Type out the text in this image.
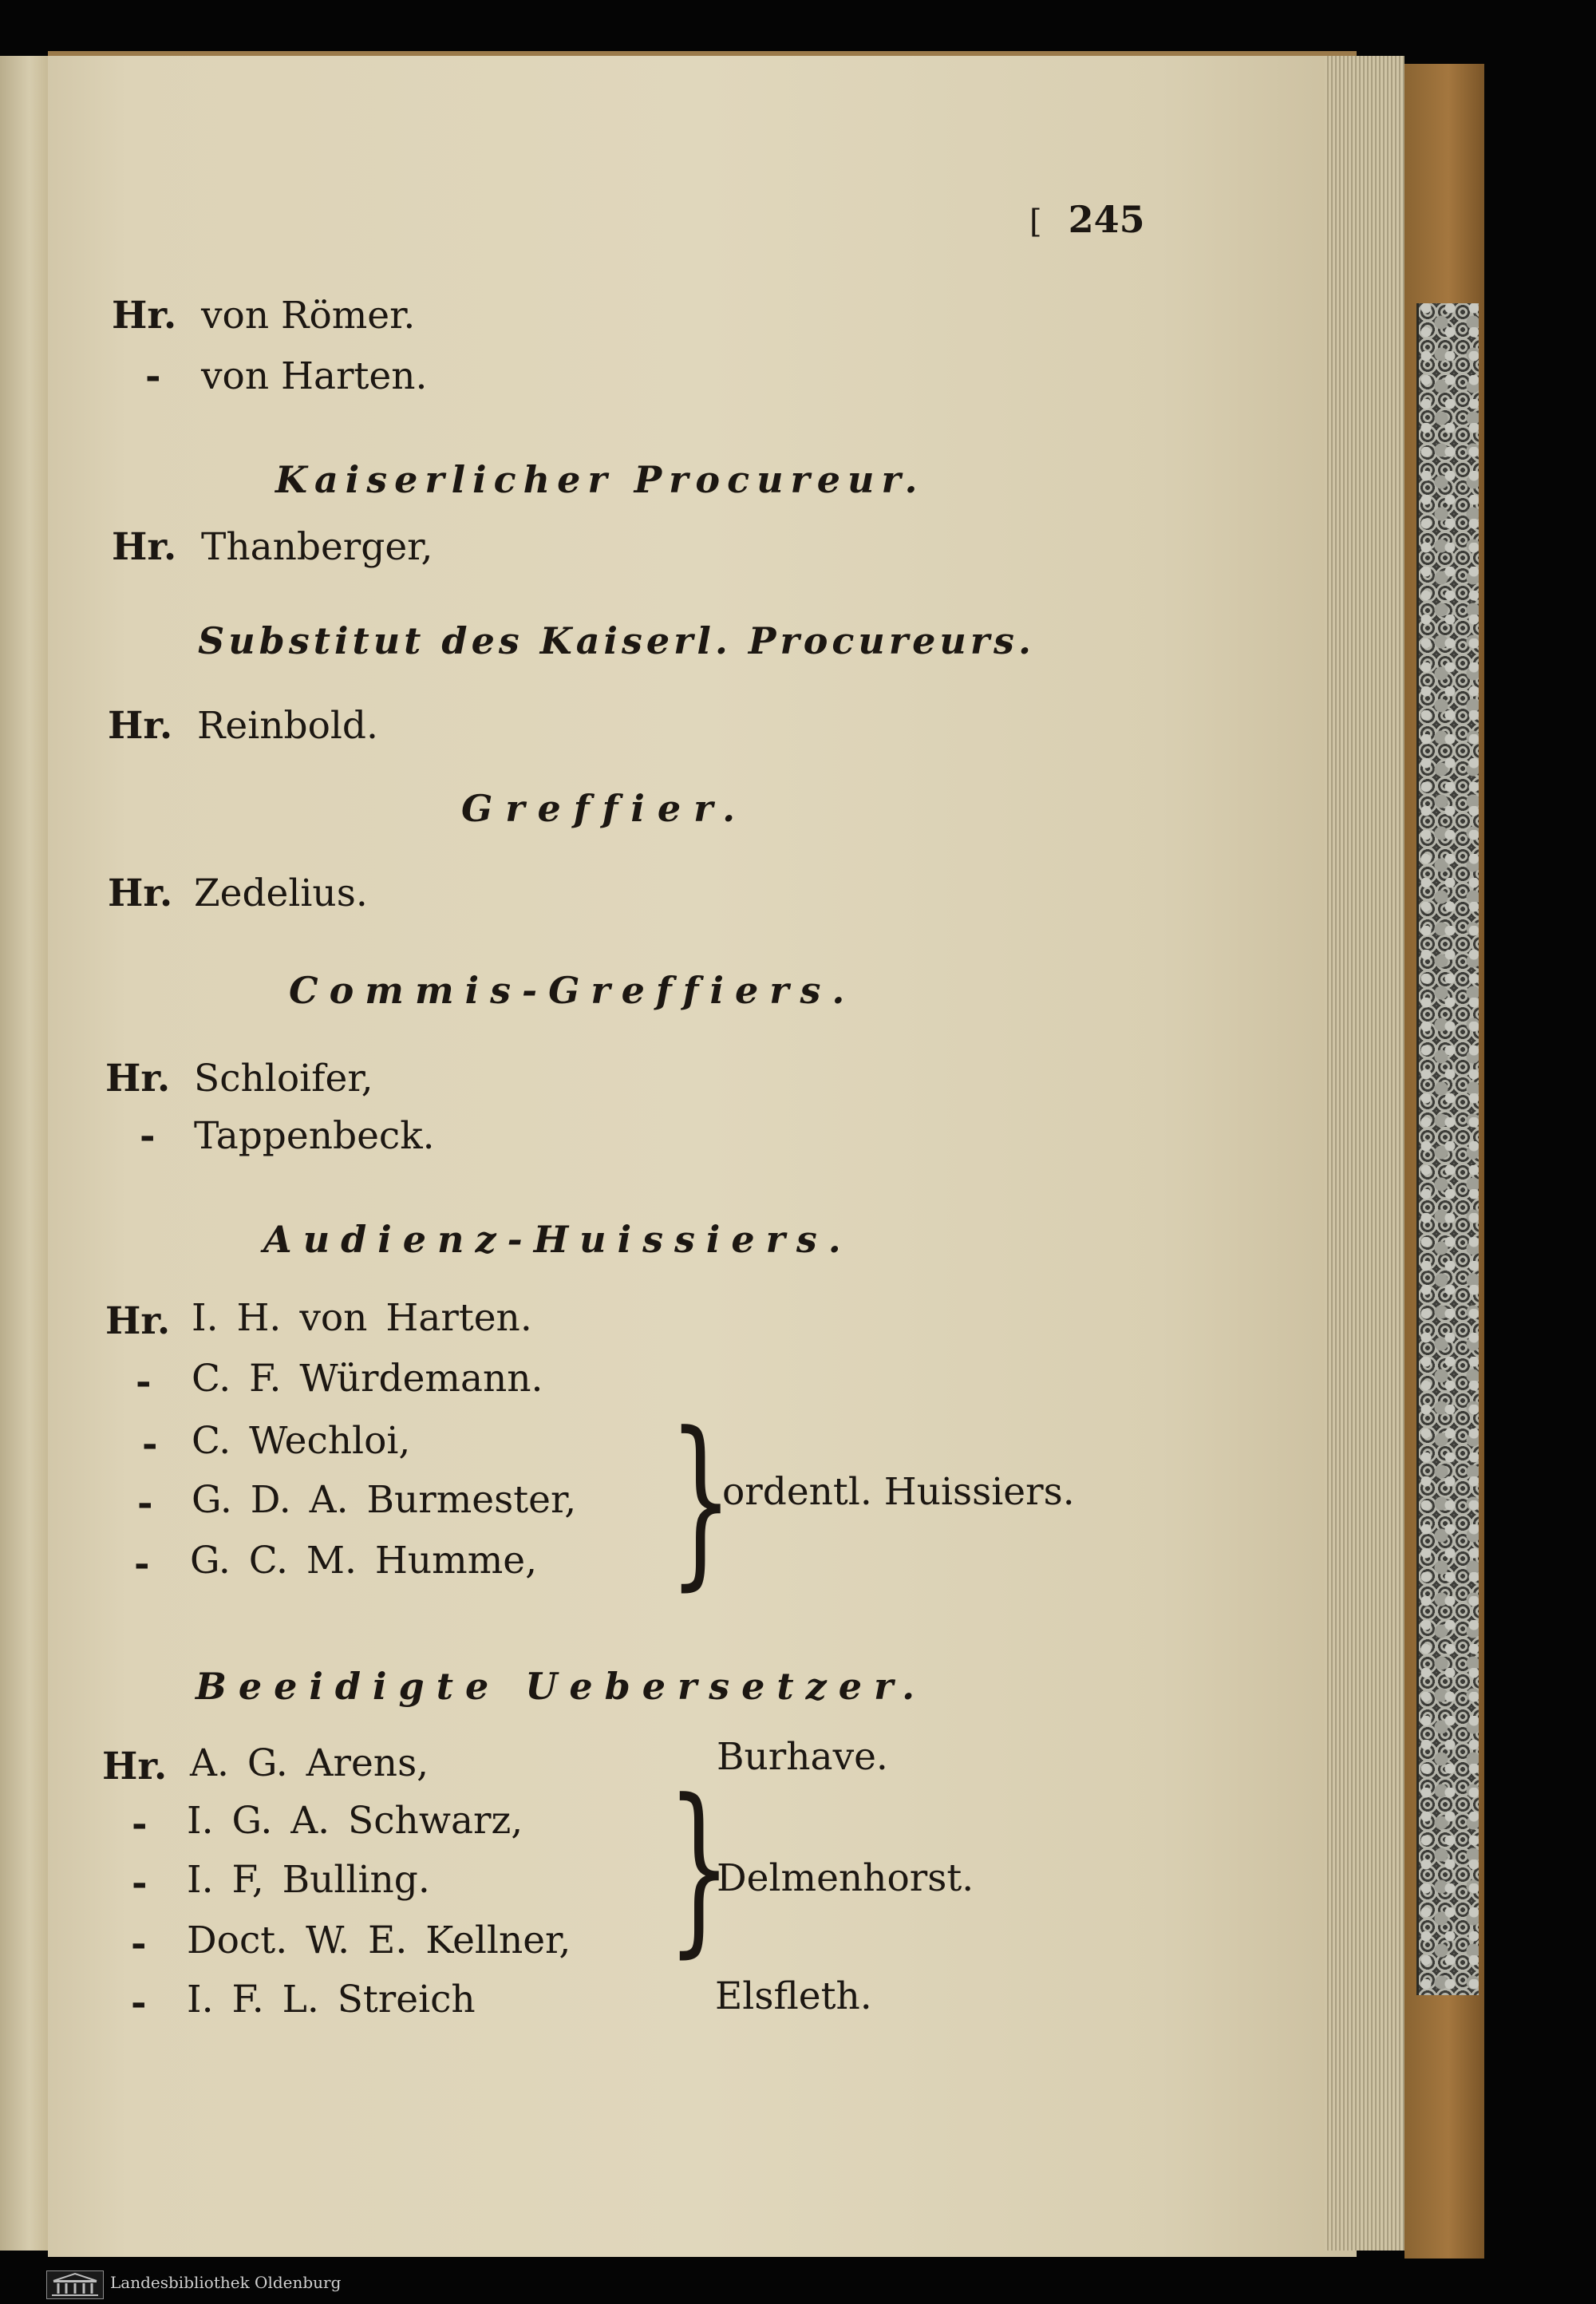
[ 245
Hr. von Römer.
- von Harten.
Kaiserlicher Procureur.
Hr. Thanberger,
Substitut des Kaiserl. Procureurs.
Hr. Reinbold.
Greffier.
Hr. Zedelius.
Commis-Greffiers.
Hr. Schloifer,
- Tappenbeck.
Audienz-Huissiers.
Hr. I. H. von Harten.
- C. F. Würdemann.
- C. Wechloi,
- G. D. A. Burmester,
- G. C. M. Humme, }
ordentl. Huissiers.
Beeidigte Uebersetzer.
Hr. A. G. Arens,
- I. G. A. Schwarz,
- I. F, Bulling.
- Doct. W. E. Kellner,
- I. F. L. Streich
}
Burhave.
Delmenhorst.
Elsfleth.
Landesbibliothek Oldenburg
